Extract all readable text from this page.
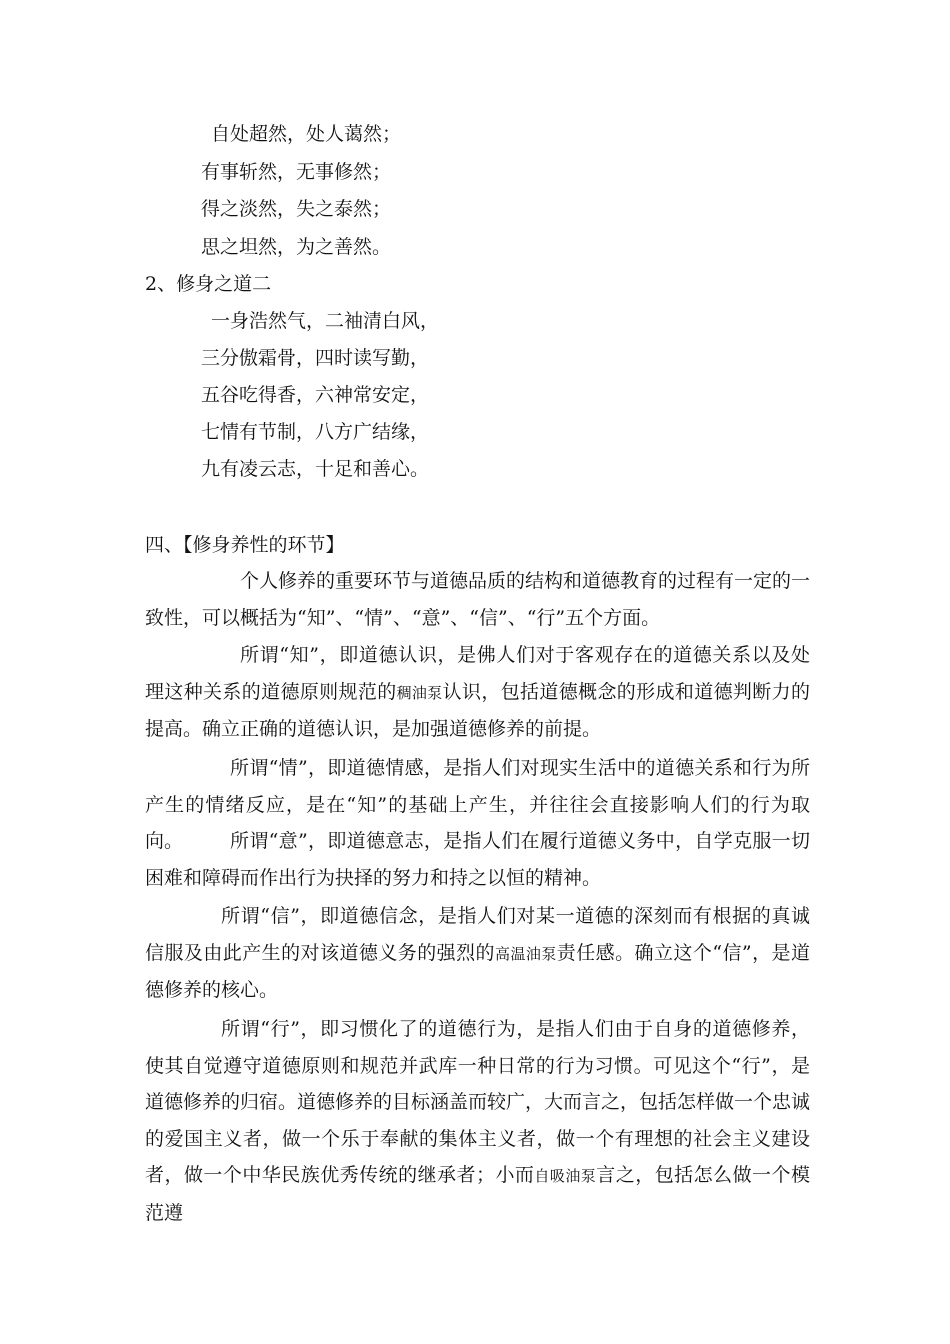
自处超然，处人蔼然；
有事斩然，无事修然；
得之淡然，失之泰然；
思之坦然，为之善然。
2、修身之道二
一身浩然气，二袖清白风，
三分傲霜骨，四时读写勤，
五谷吃得香，六神常安定，
七情有节制，八方广结缘，
九有凌云志，十足和善心。
四、【修身养性的环节】
个人修养的重要环节与道德品质的结构和道德教育的过程有一定的一致性，可以概括为“知”、“情”、“意”、“信”、“行”五个方面。
所谓“知”，即道德认识，是佛人们对于客观存在的道德关系以及处理这种关系的道德原则规范的稠油泵认识，包括道德概念的形成和道德判断力的提高。确立正确的道德认识，是加强道德修养的前提。
所谓“情”，即道德情感，是指人们对现实生活中的道德关系和行为所产生的情绪反应，是在“知”的基础上产生，并往往会直接影响人们的行为取向。	所谓“意”，即道德意志，是指人们在履行道德义务中，自学克服一切困难和障碍而作出行为抉择的努力和持之以恒的精神。
所谓“信”，即道德信念，是指人们对某一道德的深刻而有根据的真诚信服及由此产生的对该道德义务的强烈的高温油泵责任感。确立这个“信”，是道德修养的核心。
所谓“行”，即习惯化了的道德行为，是指人们由于自身的道德修养，使其自觉遵守道德原则和规范并武库一种日常的行为习惯。可见这个“行”，是道德修养的归宿。道德修养的目标涵盖而较广，大而言之，包括怎样做一个忠诚的爱国主义者，做一个乐于奉献的集体主义者，做一个有理想的社会主义建设者，做一个中华民族优秀传统的继承者；小而自吸油泵言之，包括怎么做一个模范遵
